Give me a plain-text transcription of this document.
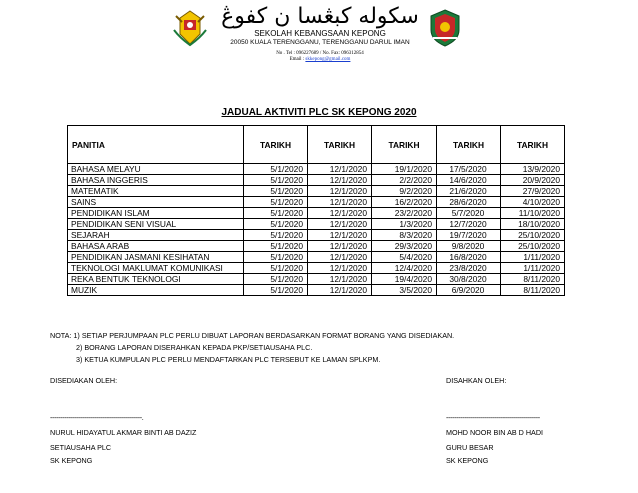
سكوله كبڠسا ن كفوڠ
SEKOLAH KEBANGSAAN KEPONG
20050 KUALA TERENGGANU, TERENGGANU DARUL IMAN
No . Tel : 096227689 / No. Fax: 096312854
Email : skkepong@gmail.com
JADUAL AKTIVITI PLC SK KEPONG 2020
PANITIA	TARIKH	TARIKH	TARIKH	TARIKH	TARIKH
BAHASA MELAYU	5/1/2020	12/1/2020	19/1/2020	17/5/2020	13/9/2020
BAHASA INGGERIS	5/1/2020	12/1/2020	2/2/2020	14/6/2020	20/9/2020
MATEMATIK	5/1/2020	12/1/2020	9/2/2020	21/6/2020	27/9/2020
SAINS	5/1/2020	12/1/2020	16/2/2020	28/6/2020	4/10/2020
PENDIDIKAN ISLAM	5/1/2020	12/1/2020	23/2/2020	5/7/2020	11/10/2020
PENDIDIKAN SENI VISUAL	5/1/2020	12/1/2020	1/3/2020	12/7/2020	18/10/2020
SEJARAH	5/1/2020	12/1/2020	8/3/2020	19/7/2020	25/10/2020
BAHASA ARAB	5/1/2020	12/1/2020	29/3/2020	9/8/2020	25/10/2020
PENDIDIKAN JASMANI KESIHATAN	5/1/2020	12/1/2020	5/4/2020	16/8/2020	1/11/2020
TEKNOLOGI MAKLUMAT KOMUNIKASI	5/1/2020	12/1/2020	12/4/2020	23/8/2020	1/11/2020
REKA BENTUK TEKNOLOGI	5/1/2020	12/1/2020	19/4/2020	30/8/2020	8/11/2020
MUZIK	5/1/2020	12/1/2020	3/5/2020	6/9/2020	8/11/2020
NOTA: 1) SETIAP PERJUMPAAN PLC PERLU DIBUAT LAPORAN BERDASARKAN FORMAT BORANG YANG DISEDIAKAN.
2) BORANG LAPORAN DISERAHKAN KEPADA PKP/SETIAUSAHA PLC.
3) KETUA KUMPULAN PLC PERLU MENDAFTARKAN PLC TERSEBUT KE LAMAN SPLKPM.
DISEDIAKAN OLEH:	DISAHKAN OLEH:
----------------------------------------------.
NURUL HIDAYATUL AKMAR BINTI AB DAZIZ
SETIAUSAHA PLC
SK KEPONG
-----------------------------------------------
MOHD NOOR BIN AB D HADI
GURU BESAR
SK KEPONG
